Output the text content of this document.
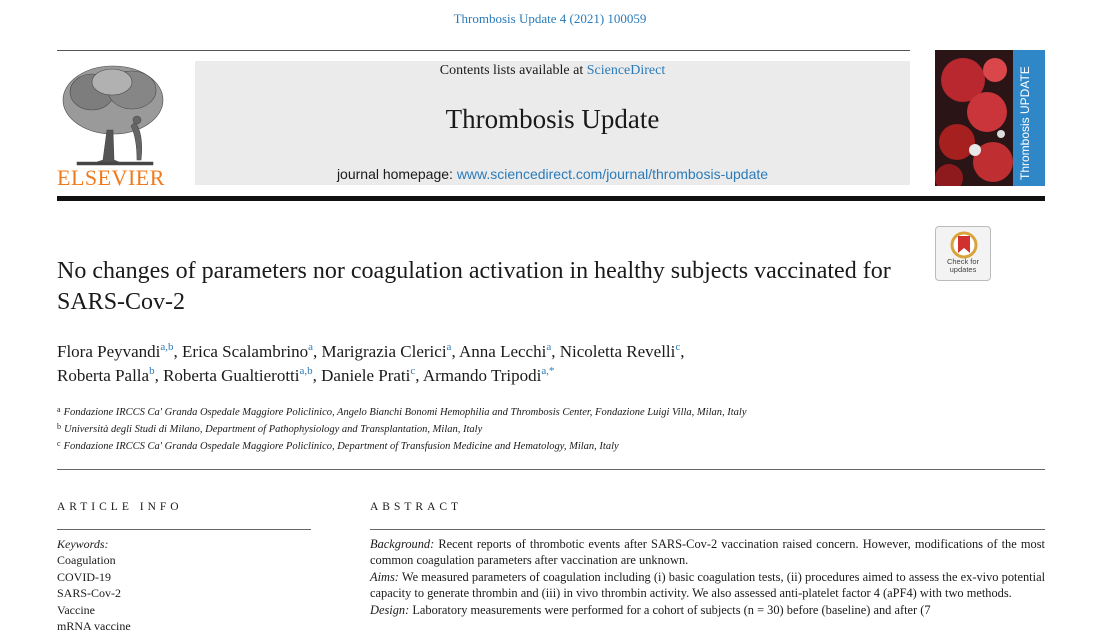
Thrombosis Update 4 (2021) 100059
ELSEVIER
Contents lists available at ScienceDirect
Thrombosis Update
journal homepage: www.sciencedirect.com/journal/thrombosis-update	Thrombosis UPDATE
Check for
updates
No changes of parameters nor coagulation activation in healthy subjects vaccinated for SARS-Cov-2
Flora Peyvandi$^{a,b}$, Erica Scalambrino$^a$, Marigrazia Clerici$^a$, Anna Lecchi$^a$, Nicoletta Revelli$^c$,
Roberta Palla$^b$, Roberta Gualtierotti$^{a,b}$, Daniele Prati$^c$, Armando Tripodi$^{a,*}$
$^a$ Fondazione IRCCS Ca' Granda Ospedale Maggiore Policlinico, Angelo Bianchi Bonomi Hemophilia and Thrombosis Center, Fondazione Luigi Villa, Milan, Italy
$^b$ Università degli Studi di Milano, Department of Pathophysiology and Transplantation, Milan, Italy
$^c$ Fondazione IRCCS Ca' Granda Ospedale Maggiore Policlinico, Department of Transfusion Medicine and Hematology, Milan, Italy
ARTICLE INFO	ABSTRACT
Keywords:
Coagulation
COVID-19
SARS-Cov-2
Vaccine
mRNA vaccine

Background: Recent reports of thrombotic events after SARS-Cov-2 vaccination raised concern. However, modifications of the most common coagulation parameters after vaccination are unknown.

Aims: We measured parameters of coagulation including (i) basic coagulation tests, (ii) procedures aimed to assess the ex-vivo potential capacity to generate thrombin and (iii) in vivo thrombin activity. We also assessed anti-platelet factor 4 (aPF4) with two methods.

Design: Laboratory measurements were performed for a cohort of subjects (n = 30) before (baseline) and after (7
